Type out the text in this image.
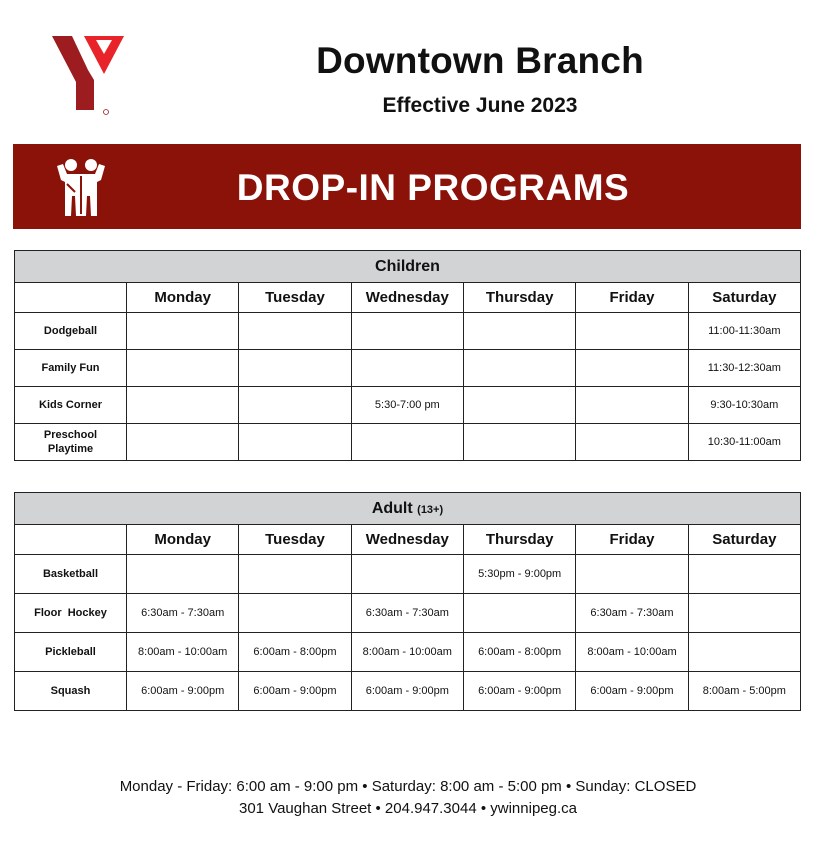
Downtown Branch
Effective June 2023
DROP-IN PROGRAMS
Children						
	Monday	Tuesday	Wednesday	Thursday	Friday	Saturday
Dodgeball						11:00-11:30am
Family Fun						11:30-12:30am
Kids Corner			5:30-7:00 pm			9:30-10:30am
Preschool
Playtime						10:30-11:00am
Adult (13+)						
	Monday	Tuesday	Wednesday	Thursday	Friday	Saturday
Basketball				5:30pm - 9:00pm		
Floor  Hockey	6:30am - 7:30am		6:30am - 7:30am		6:30am - 7:30am	
Pickleball	8:00am - 10:00am	6:00am - 8:00pm	8:00am - 10:00am	6:00am - 8:00pm	8:00am - 10:00am	
Squash	6:00am - 9:00pm	6:00am - 9:00pm	6:00am - 9:00pm	6:00am - 9:00pm	6:00am - 9:00pm	8:00am - 5:00pm
Monday - Friday: 6:00 am - 9:00 pm • Saturday: 8:00 am - 5:00 pm • Sunday: CLOSED
301 Vaughan Street • 204.947.3044 • ywinnipeg.ca
